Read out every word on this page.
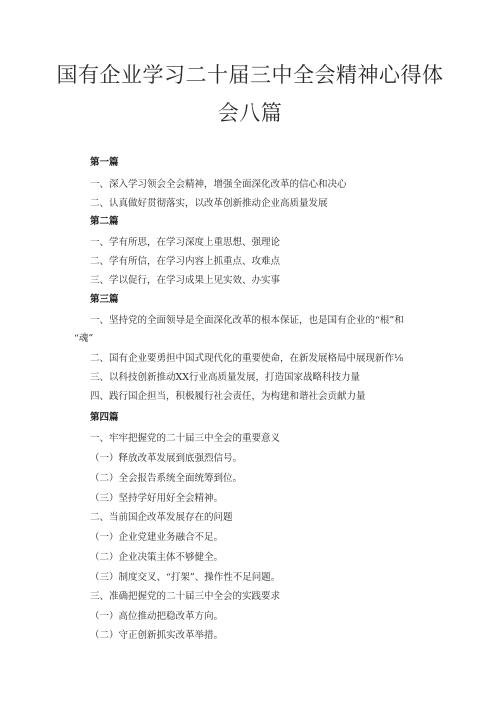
国有企业学习二十届三中全会精神心得体
会八篇
第一篇
一、深入学习领会全会精神，增强全面深化改革的信心和决心
二、认真做好贯彻落实，以改革创新推动企业高质量发展
第二篇
一、学有所思，在学习深度上重思想、强理论
二、学有所信，在学习内容上抓重点、攻难点
三、学以促行，在学习成果上见实效、办实事
第三篇
一、坚持党的全面领导是全面深化改革的根本保证，也是国有企业的“根”和
“魂”
二、国有企业要勇担中国式现代化的重要使命，在新发展格局中展现新作⅛
三、以科技创新推动XX行业高质量发展，打造国家战略科技力量
四、践行国企担当，积极履行社会责任，为构建和谐社会贡献力量
第四篇
一、牢牢把握党的二十届三中全会的重要意义
（一）释放改革发展到底强烈信号。
（二）全会报告系统全面统筹到位。
（三）坚持学好用好全会精神。
二、当前国企改革发展存在的问题
（一）企业党建业务融合不足。
（二）企业决策主体不够健全。
（三）制度交叉、“打架”、操作性不足问题。
三、准确把握党的二十届三中全会的实践要求
（一）高位推动把稳改革方向。
（二）守正创新抓实改革举措。
